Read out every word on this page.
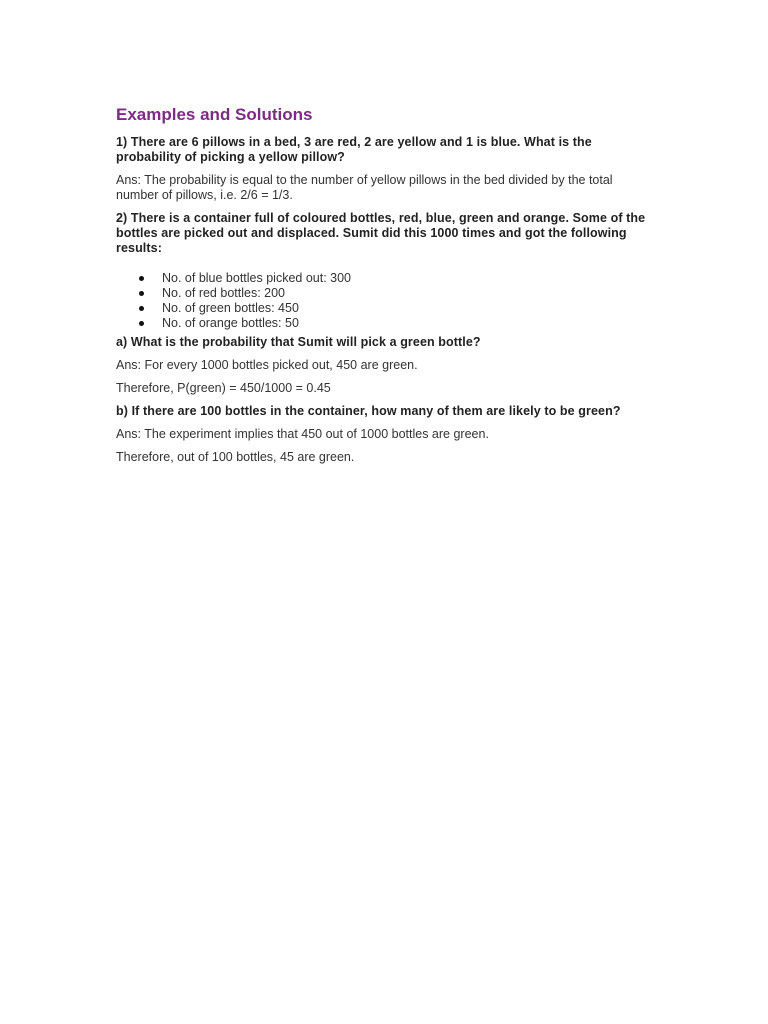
Examples and Solutions

1) There are 6 pillows in a bed, 3 are red, 2 are yellow and 1 is blue. What is the probability of picking a yellow pillow?

Ans: The probability is equal to the number of yellow pillows in the bed divided by the total number of pillows, i.e. 2/6 = 1/3.

2) There is a container full of coloured bottles, red, blue, green and orange. Some of the bottles are picked out and displaced. Sumit did this 1000 times and got the following results:

No. of blue bottles picked out: 300
No. of red bottles: 200
No. of green bottles: 450
No. of orange bottles: 50

a) What is the probability that Sumit will pick a green bottle?

Ans: For every 1000 bottles picked out, 450 are green.

Therefore, P(green) = 450/1000 = 0.45

b) If there are 100 bottles in the container, how many of them are likely to be green?

Ans: The experiment implies that 450 out of 1000 bottles are green.

Therefore, out of 100 bottles, 45 are green.
